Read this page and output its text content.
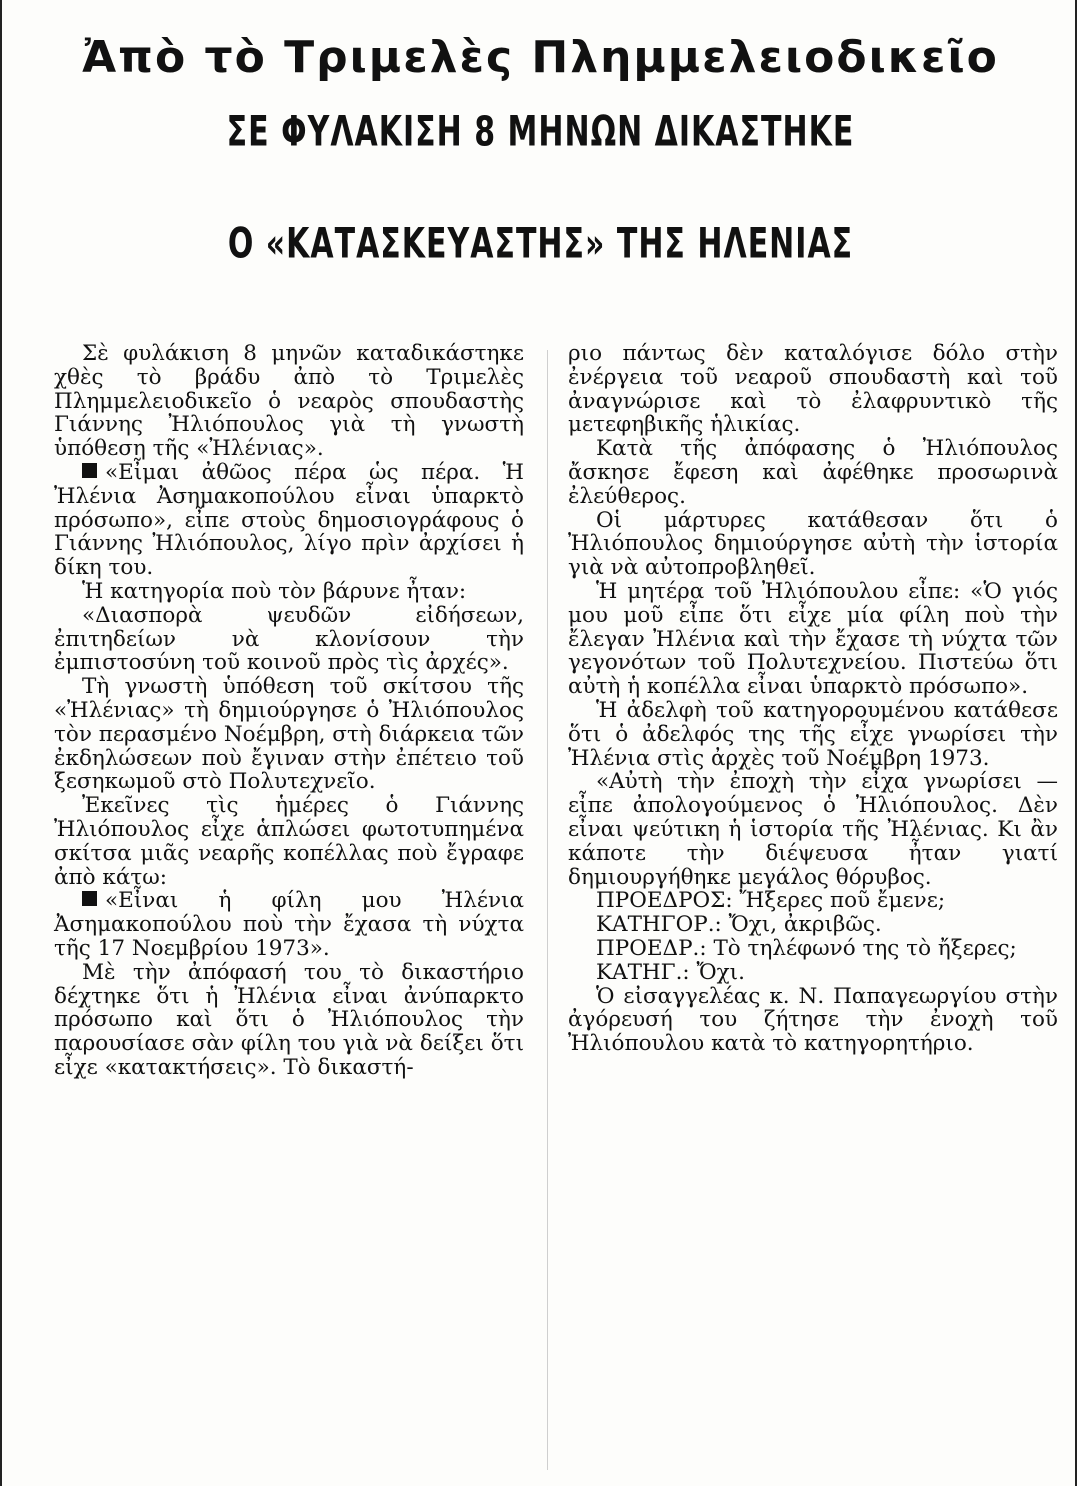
Ἀπὸ τὸ Τριμελὲς Πλημμελειοδικεῖο
ΣΕ ΦΥΛΑΚΙΣΗ 8 ΜΗΝΩΝ ΔΙΚΑΣΤΗΚΕ
Ο «ΚΑΤΑΣΚΕΥΑΣΤΗΣ» ΤΗΣ ΗΛΕΝΙΑΣ

Σὲ φυλάκιση 8 μηνῶν καταδικάστηκε χθὲς τὸ βράδυ ἀπὸ τὸ Τριμελὲς Πλημμελειοδικεῖο ὁ νεαρὸς σπουδαστὴς Γιάννης Ἠλιόπουλος γιὰ τὴ γνωστὴ ὑπόθεση τῆς «Ἠλένιας».

«Εἶμαι ἀθῶος πέρα ὡς πέρα. Ἡ Ἠλένια Ἀσημακοπούλου εἶναι ὑπαρκτὸ πρόσωπο», εἶπε στοὺς δημοσιογράφους ὁ Γιάννης Ἠλιόπουλος, λίγο πρὶν ἀρχίσει ἡ δίκη του.

Ἡ κατηγορία ποὺ τὸν βάρυνε ἦταν:

«Διασπορὰ ψευδῶν εἰδήσεων, ἐπιτηδείων νὰ κλονίσουν τὴν ἐμπιστοσύνη τοῦ κοινοῦ πρὸς τὶς ἀρχές».

Τὴ γνωστὴ ὑπόθεση τοῦ σκίτσου τῆς «Ἠλένιας» τὴ δημιούργησε ὁ Ἠλιόπουλος τὸν περασμένο Νοέμβρη, στὴ διάρκεια τῶν ἐκδηλώσεων ποὺ ἔγιναν στὴν ἐπέτειο τοῦ ξεσηκωμοῦ στὸ Πολυτεχνεῖο.

Ἐκεῖνες τὶς ἡμέρες ὁ Γιάννης Ἠλιόπουλος εἶχε ἁπλώσει φωτοτυπημένα σκίτσα μιᾶς νεαρῆς κοπέλλας ποὺ ἔγραφε ἀπὸ κάτω:

«Εἶναι ἡ φίλη μου Ἠλένια Ἀσημακοπούλου ποὺ τὴν ἔχασα τὴ νύχτα τῆς 17 Νοεμβρίου 1973».

Μὲ τὴν ἀπόφασή του τὸ δικαστήριο δέχτηκε ὅτι ἡ Ἠλένια εἶναι ἀνύπαρκτο πρόσωπο καὶ ὅτι ὁ Ἠλιόπουλος τὴν παρουσίασε σὰν φίλη του γιὰ νὰ δείξει ὅτι εἶχε «κατακτήσεις». Τὸ δικαστή-

ριο πάντως δὲν καταλόγισε δόλο στὴν ἐνέργεια τοῦ νεαροῦ σπουδαστὴ καὶ τοῦ ἀναγνώρισε καὶ τὸ ἐλαφρυντικὸ τῆς μετεφηβικῆς ἡλικίας.

Κατὰ τῆς ἀπόφασης ὁ Ἠλιόπουλος ἄσκησε ἔφεση καὶ ἀφέθηκε προσωρινὰ ἐλεύθερος.

Οἱ μάρτυρες κατάθεσαν ὅτι ὁ Ἠλιόπουλος δημιούργησε αὐτὴ τὴν ἱστορία γιὰ νὰ αὐτοπροβληθεῖ.

Ἡ μητέρα τοῦ Ἠλιόπουλου εἶπε: «Ὁ γιός μου μοῦ εἶπε ὅτι εἶχε μία φίλη ποὺ τὴν ἔλεγαν Ἠλένια καὶ τὴν ἔχασε τὴ νύχτα τῶν γεγονότων τοῦ Πολυτεχνείου. Πιστεύω ὅτι αὐτὴ ἡ κοπέλλα εἶναι ὑπαρκτὸ πρόσωπο».

Ἡ ἀδελφὴ τοῦ κατηγορουμένου κατάθεσε ὅτι ὁ ἀδελφός της τῆς εἶχε γνωρίσει τὴν Ἠλένια στὶς ἀρχὲς τοῦ Νοέμβρη 1973.

«Αὐτὴ τὴν ἐποχὴ τὴν εἶχα γνωρίσει — εἶπε ἀπολογούμενος ὁ Ἠλιόπουλος. Δὲν εἶναι ψεύτικη ἡ ἱστορία τῆς Ἠλένιας. Κι ἂν κάποτε τὴν διέψευσα ἦταν γιατί δημιουργήθηκε μεγάλος θόρυβος.

ΠΡΟΕΔΡΟΣ: Ἤξερες ποῦ ἔμενε;

ΚΑΤΗΓΟΡ.: Ὄχι, ἀκριβῶς.

ΠΡΟΕΔΡ.: Τὸ τηλέφωνό της τὸ ἤξερες;

ΚΑΤΗΓ.: Ὄχι.

Ὁ εἰσαγγελέας κ. Ν. Παπαγεωργίου στὴν ἀγόρευσή του ζήτησε τὴν ἐνοχὴ τοῦ Ἠλιόπουλου κατὰ τὸ κατηγορητήριο.
